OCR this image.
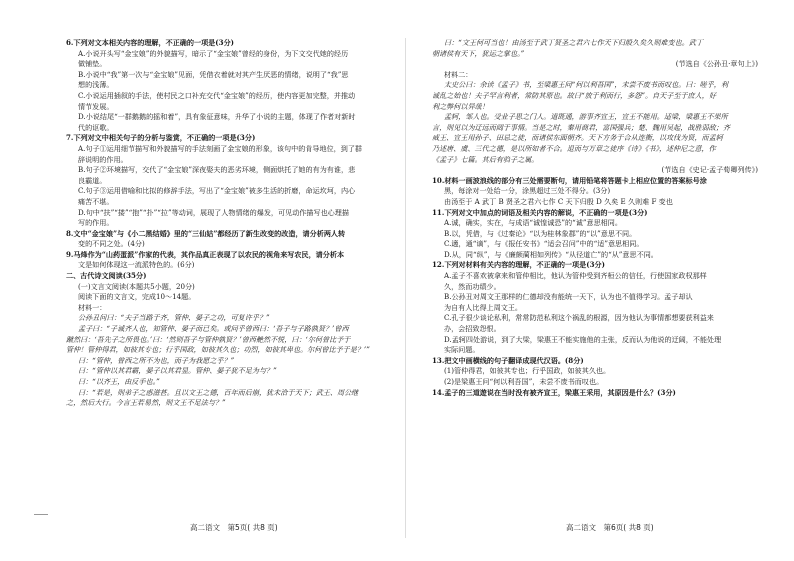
6.下列对文本相关内容的理解，不正确的一项是(3分)
A.小说开头写“金宝娘”的外貌描写，暗示了“金宝娘”曾经的身份，为下文交代她的经历
做铺垫。
B.小说中“我”第一次与“金宝娘”见面，凭借衣着就对其产生厌恶的情绪，说明了“我”思
想的浅薄。
C.小说运用插叙的手法，使村民之口补充交代“金宝娘”的经历，使内容更加完整，并推动
情节发展。
D.小说结尾“一群鹅鹅的摇和着”，具有象征意味，升华了小说的主题，体现了作者对新时
代的讴歌。
7.下列对文中相关句子的分析与鉴赏，不正确的一项是(3分)
A.句子①运用细节描写和外貌描写的手法刻画了金宝娘的形象，该句中的肯导地位，到了群
辞说明的作用。
B.句子②环境描写，交代了“金宝娘”深夜娶夫的恶劣环境，侧面烘托了她的有为有谁，悲
良霸道。
C.句子③运用借喻和比拟的修辞手法，写出了“金宝娘”被多生活的折磨，命运坎坷，内心
痛苦不堪。
D.句中“扶”“搂”“抱”“扑”“拉”等动词，展现了人物情绪的爆发，可见动作描写也心理描
写的作用。
8.文中“金宝娘”与《小二黑结婚》里的“三仙姑”都经历了新生改变的改造，请分析两人转
变的不同之处。(4分)
9.马烽作为“山药蛋派”作家的代表，其作品真正表现了以农民的视角来写农民，请分析本
文是如何体现这一流派特色的。(6分)
二、古代诗文阅读(35分)
(一)文言文阅读(本题共5小题，20分)
阅读下面的文言文，完成10～14题。
材料一：
公孙丑问曰：“夫子当路于齐，管仲、晏子之功，可复许乎？”
孟子曰：“子诚齐人也，知管仲、晏子而已矣。或问乎曾西曰：‘吾子与子路孰贤？’曾西
蹴然曰：‘吾先子之所畏也。’曰：‘然则吾子与管仲孰贤？’曾西艴然不悦，曰：‘尔何曾比予于
管仲！管仲得君，如彼其专也；行乎国政，如彼其久也；功烈，如彼其卑也。尔何曾比予于是？’”
曰：“管仲，曾西之所不为也，而子为我愿之乎？”
曰：“管仲以其君霸，晏子以其君显。管仲、晏子犹不足为与？”
曰：“以齐王，由反手也。”
曰：“若是，则弟子之惑滋甚。且以文王之德，百年而后崩，犹未洽于天下；武王、周公继
之，然后大行。今言王若易然，则文王不足法与？”
曰：“文王何可当也！由汤至于武丁贤圣之君六七作天下归殷久矣久则难变也。武丁
朝诸侯有天下，犹运之掌也。”
(节选自《公孙丑·章句上》)
材料二：
太史公曰：余读《孟子》书，至梁惠王问“何以利吾国”，未尝不废书而叹也。曰：嗟乎，利
诚乱之始也！夫子罕言利者，常防其原也。故曰“放于利而行，多怨”。自天子至于庶人，好
利之弊何以异哉！
孟轲，邹人也。受业子思之门人。道既通，游事齐宣王，宣王不能用。适梁，梁惠王不果所
言，则见以为迂远而阔于事情。当是之时，秦用商君，富国强兵；楚、魏用吴起，战胜弱敌；齐
威王、宣王用孙子、田忌之徒，而诸侯东面朝齐。天下方务于合从连衡，以攻伐为贤，而孟轲
乃述唐、虞、三代之德，是以所如者不合。退而与万章之徒序《诗》《书》，述仲尼之意，作
《孟子》七篇。其后有驺子之属。
(节选自《史记·孟子荀卿列传》)
10.材料一画波浪线的部分有三处需要断句，请用铅笔将答题卡上相应位置的答案标号涂
黑，每涂对一处给一分，涂黑超过三处不得分。(3分)
由汤至于 A 武丁 B 贤圣之君六七作 C 天下归殷 D 久矣 E 久则难 F 变也
11.下列对文中加点的词语及相关内容的解说，不正确的一项是(3分)
A.诚，确实，实在，与成语“诚惶诚恐”的“诚”意思相同。
B.以，凭借，与《过秦论》“以为桂林象郡”的“以”意思不同。
C.適，通“谪”，与《报任安书》“适会召问”中的“适”意思相同。
D.从，同“纵”，与《廉颇蔺相如列传》“从径道亡”的“从”意思不同。
12.下列对材料有关内容的理解，不正确的一项是(3分)
A.孟子不喜欢被拿来和管仲相比，他认为管仲受到齐桓公的信任，行使国家政权那样
久，然而功绩少。
B.公孙丑对周文王那样的仁德却没有能统一天下，认为也不值得学习。孟子却认
为自有人比得上周文王。
C.孔子很少谈论私利，常常防范私利这个祸乱的根源，因为他认为事情都想要获利益来
办，会招致怨恨。
D.孟轲四处游说，到了大梁，梁惠王不能实施他的主张，反而认为他说的迂阔，不能处理
实际问题。
13.把文中画横线的句子翻译成现代汉语。(8分)
(1)管仲得君，如彼其专也；行乎国政，如彼其久也。
(2)是梁惠王问“何以利吾国”，未尝不废书而叹也。
14.孟子的三道遊说在当时没有被齐宣王，梁惠王采用，其原因是什么？(3分)
高二语文　第5页( 共8 页)	高二语文　第6页( 共8 页)
